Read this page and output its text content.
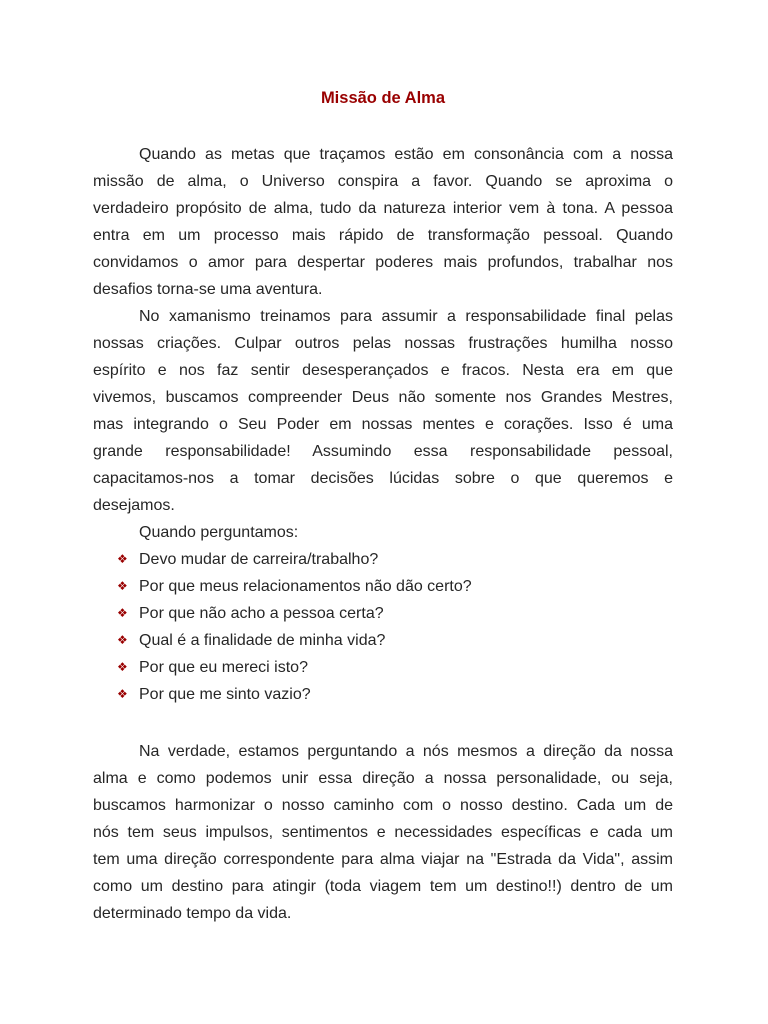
Missão de Alma
Quando as metas que traçamos estão em consonância com a nossa
missão de alma, o Universo conspira a favor. Quando se aproxima o
verdadeiro propósito de alma, tudo da natureza interior vem à tona. A pessoa
entra em um processo mais rápido de transformação pessoal. Quando
convidamos o amor para despertar poderes mais profundos, trabalhar nos
desafios torna-se uma aventura.
No xamanismo treinamos para assumir a responsabilidade final pelas
nossas criações. Culpar outros pelas nossas frustrações humilha nosso
espírito e nos faz sentir desesperançados e fracos. Nesta era em que
vivemos, buscamos compreender Deus não somente nos Grandes Mestres,
mas integrando o Seu Poder em nossas mentes e corações. Isso é uma
grande responsabilidade! Assumindo essa responsabilidade pessoal,
capacitamos-nos a tomar decisões lúcidas sobre o que queremos e
desejamos.
Quando perguntamos:
❖
Devo mudar de carreira/trabalho?
❖
Por que meus relacionamentos não dão certo?
❖
Por que não acho a pessoa certa?
❖
Qual é a finalidade de minha vida?
❖
Por que eu mereci isto?
❖
Por que me sinto vazio?
Na verdade, estamos perguntando a nós mesmos a direção da nossa
alma e como podemos unir essa direção a nossa personalidade, ou seja,
buscamos harmonizar o nosso caminho com o nosso destino. Cada um de
nós tem seus impulsos, sentimentos e necessidades específicas e cada um
tem uma direção correspondente para alma viajar na "Estrada da Vida", assim
como um destino para atingir (toda viagem tem um destino!!) dentro de um
determinado tempo da vida.
